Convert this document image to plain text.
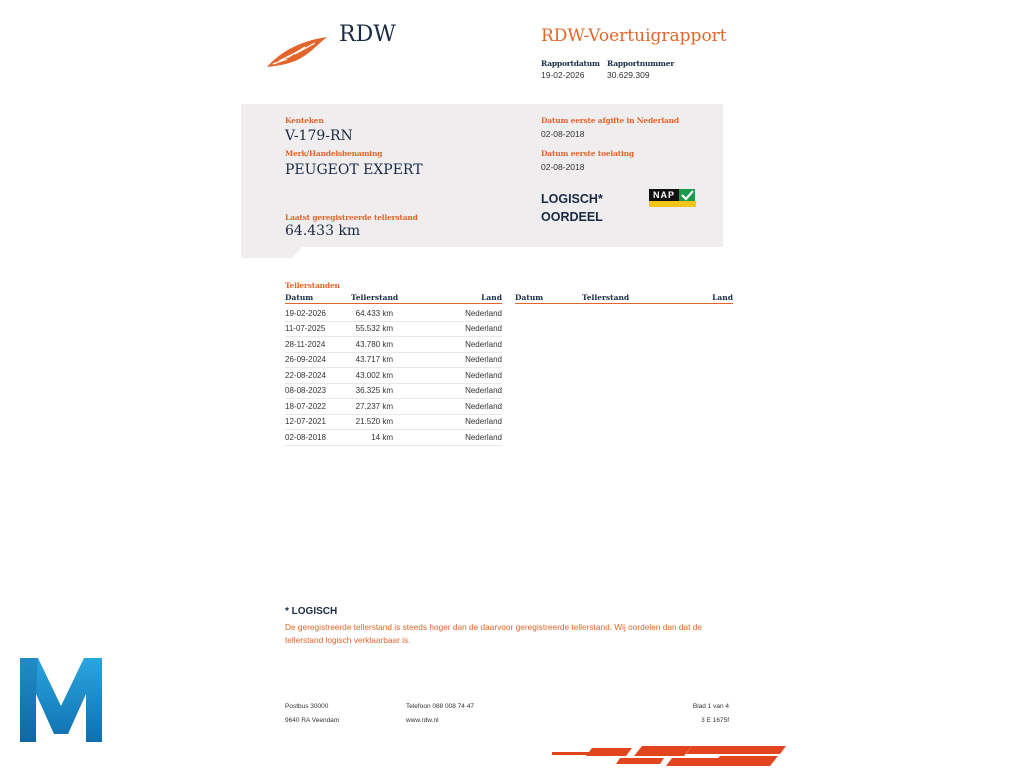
RDW	RDW-Voertuigrapport
Rapportdatum Rapportnummer
19-02-2026	30.629.309
Kenteken
V-179-RN
Merk/Handelsbenaming
PEUGEOT EXPERT
Laatst geregistreerde tellerstand
64.433 km
Datum eerste afgifte in Nederland
02-08-2018
Datum eerste toelating
02-08-2018
LOGISCH*
OORDEEL
NAP
Tellerstanden
Datum	Tellerstand	Land Datum	Tellerstand	Land
19-02-2026	64.433 km	Nederland
11-07-2025	55.532 km	Nederland
28-11-2024	43.780 km	Nederland
26-09-2024	43.717 km	Nederland
22-08-2024	43.002 km	Nederland
08-08-2023	36.325 km	Nederland
18-07-2022	27.237 km	Nederland
12-07-2021	21.520 km	Nederland
02-08-2018	14 km	Nederland
* LOGISCH
De geregistreerde tellerstand is steeds hoger dan de daarvoor geregistreerde tellerstand. Wij oordelen dan dat de
tellerstand logisch verklaarbaar is.
Postbus 30000
9640 RA Veendam
Telefoon 088 008 74 47
www.rdw.nl
Blad 1 van 4
3 E 1675f
